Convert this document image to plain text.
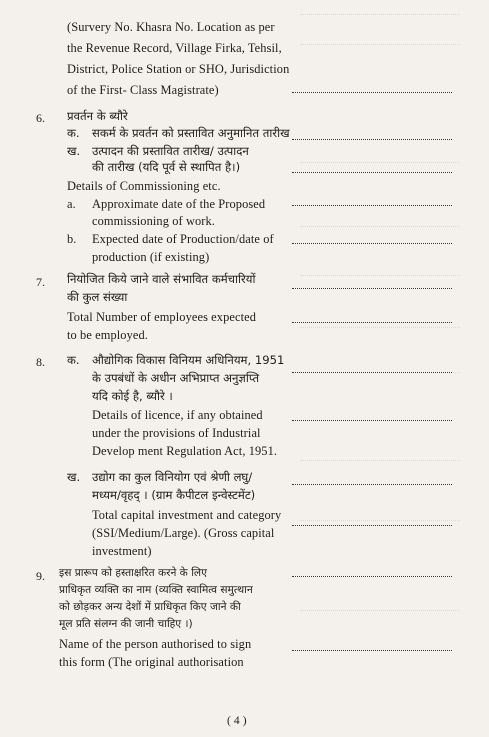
(Survery No. Khasra No. Location as per
the Revenue Record, Village Firka, Tehsil,
District, Police Station or SHO, Jurisdiction
of the First- Class Magistrate)
6. प्रवर्तन के ब्यौरे
क. सकर्म के प्रवर्तन को प्रस्तावित अनुमानित तारीख
ख. उत्पादन की प्रस्तावित तारीख/ उत्पादन
की तारीख (यदि पूर्व से स्थापित है।)
Details of Commissioning etc.
a. Approximate date of the Proposed
commissioning of work.
b. Expected date of Production/date of
production (if existing)
7. नियोजित किये जाने वाले संभावित कर्मचारियों
की कुल संख्या
Total Number of employees expected
to be employed.
8. क. औद्योगिक विकास विनियम अधिनियम, 1951
के उपबंधों के अधीन अभिप्राप्त अनुज्ञप्ति
यदि कोई है, ब्यौरे ।
Details of licence, if any obtained
under the provisions of Industrial
Develop ment Regulation Act, 1951.
ख. उद्योग का कुल विनियोग एवं श्रेणी लघु/
मध्यम/वृहद् । (ग्राम कैपीटल इन्वेस्टमेंट)
Total capital investment and category
(SSI/Medium/Large). (Gross capital
investment)
9. इस प्रारूप को हस्ताक्षरित करने के लिए
प्राधिकृत व्यक्ति का नाम (व्यक्ति स्वामित्व समुत्थान
को छोड़कर अन्य देशों में प्राधिकृत किए जाने की
मूल प्रति संलग्न की जानी चाहिए ।)
Name of the person authorised to sign
this form (The original authorisation
( 4 )
